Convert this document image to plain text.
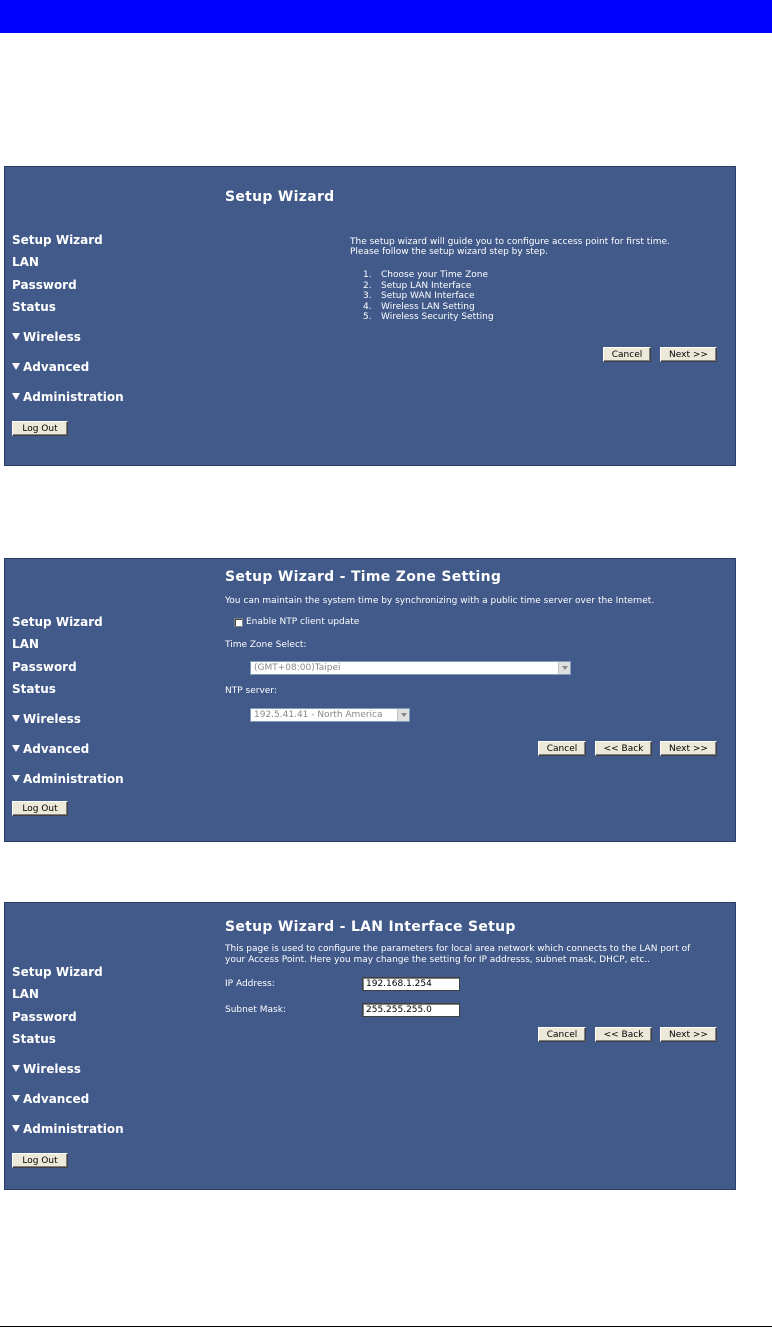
Setup Wizard
Setup Wizard
LAN
Password
Status
Wireless
Advanced
Administration
Log Out
The setup wizard will guide you to configure access point for first time.
Please follow the setup wizard step by step.
1. Choose your Time Zone
2. Setup LAN Interface
3. Setup WAN Interface
4. Wireless LAN Setting
5. Wireless Security Setting
Cancel	Next >>
Setup Wizard - Time Zone Setting
You can maintain the system time by synchronizing with a public time server over the Internet.
Enable NTP client update
Time Zone Select:
(GMT+08:00)Taipei
NTP server:
192.5.41.41 - North America
Setup Wizard
LAN
Password
Status
Wireless
Advanced
Administration
Log Out
Cancel	<< Back	Next >>
Setup Wizard - LAN Interface Setup
This page is used to configure the parameters for local area network which connects to the LAN port of
your Access Point. Here you may change the setting for IP addresss, subnet mask, DHCP, etc..
IP Address:	192.168.1.254
Subnet Mask:	255.255.255.0
Cancel	<< Back	Next >>
Setup Wizard
LAN
Password
Status
Wireless
Advanced
Administration
Log Out
